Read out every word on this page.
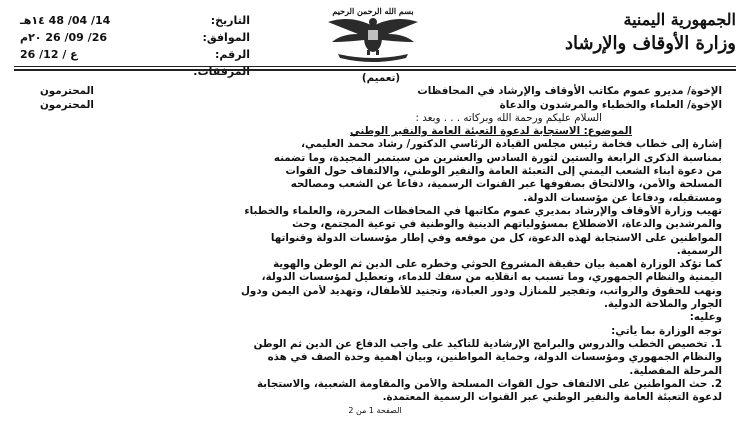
الجمهورية اليمنية
وزارة الأوقاف والإرشاد
بسم الله الرحمن الرحيم
التاريخ:
14/ 04/ 48 ١٤هـ
الموافق:
26/ 09/ 26 ٢٠م
الرقم:
ع / 12/ 26
المرفقات:	(تعميم)
الإخوة/ مديرو عموم مكاتب الأوقاف والإرشاد في المحافظات
المحترمون
الإخوة/ العلماء والخطباء والمرشدون والدعاة
المحترمون
السلام عليكم ورحمة الله وبركاته . . . وبعد :
الموضوع: الاستجابة لدعوة التعبئة العامة والنفير الوطني
إشارة إلى خطاب فخامة رئيس مجلس القيادة الرئاسي الدكتور/ رشاد محمد العليمي،
بمناسبة الذكرى الرابعة والستين لثورة السادس والعشرين من سبتمبر المجيدة، وما تضمنه
من دعوة أبناء الشعب اليمني إلى التعبئة العامة والنفير الوطني، والالتفاف حول القوات
المسلحة والأمن، والالتحاق بصفوفها عبر القنوات الرسمية، دفاعاً عن الشعب ومصالحه
ومستقبله، ودفاعاً عن مؤسسات الدولة.
تهيب وزارة الأوقاف والإرشاد بمديري عموم مكاتبها في المحافظات المحررة، والعلماء والخطباء
والمرشدين والدعاة، الاضطلاع بمسؤولياتهم الدينية والوطنية في توعية المجتمع، وحث
المواطنين على الاستجابة لهذه الدعوة، كل من موقعه وفي إطار مؤسسات الدولة وقنواتها
الرسمية.
كما تؤكد الوزارة أهمية بيان حقيقة المشروع الحوثي وخطره على الدين ثم الوطن والهوية
اليمنية والنظام الجمهوري، وما تسبب به انقلابه من سفك للدماء، وتعطيل لمؤسسات الدولة،
ونهب للحقوق والرواتب، وتفجير للمنازل ودور العبادة، وتجنيد للأطفال، وتهديد لأمن اليمن ودول
الجوار والملاحة الدولية.
وعليه:
توجه الوزارة بما يأتي:
1. تخصيص الخطب والدروس والبرامج الإرشادية للتأكيد على واجب الدفاع عن الدين ثم الوطن
والنظام الجمهوري ومؤسسات الدولة، وحماية المواطنين، وبيان أهمية وحدة الصف في هذه
المرحلة المفصلية.
2. حث المواطنين على الالتفاف حول القوات المسلحة والأمن والمقاومة الشعبية، والاستجابة
لدعوة التعبئة العامة والنفير الوطني عبر القنوات الرسمية المعتمدة.
الصفحة 1 من 2
